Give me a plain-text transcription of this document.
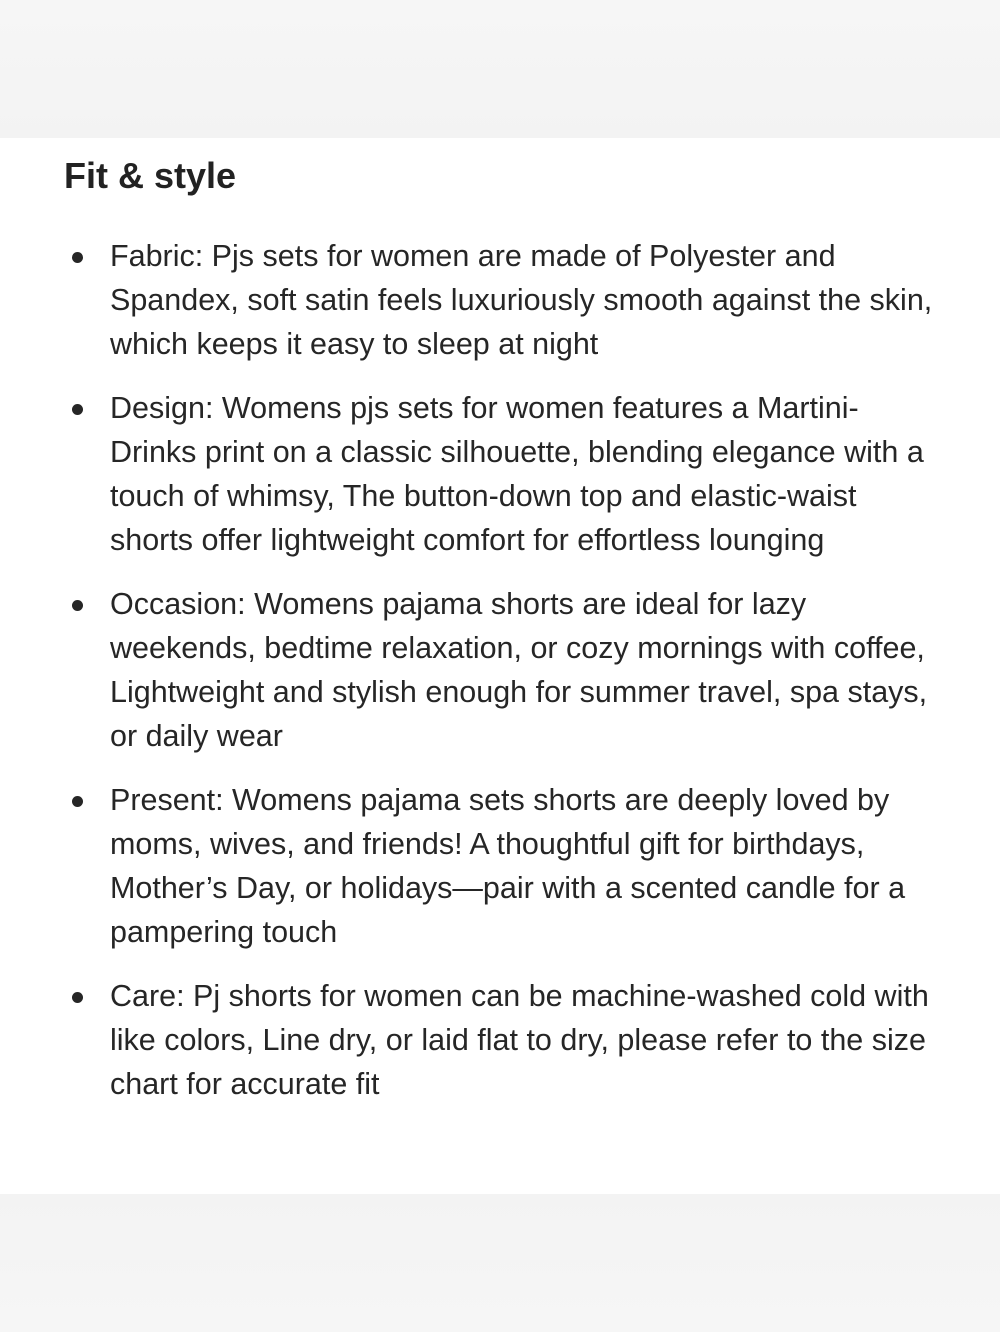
Fit & style
Fabric: Pjs sets for women are made of Polyester and Spandex, soft satin feels luxuriously smooth against the skin, which keeps it easy to sleep at night
Design: Womens pjs sets for women features a Martini-Drinks print on a classic silhouette, blending elegance with a touch of whimsy, The button-down top and elastic-waist shorts offer lightweight comfort for effortless lounging
Occasion: Womens pajama shorts are ideal for lazy weekends, bedtime relaxation, or cozy mornings with coffee, Lightweight and stylish enough for summer travel, spa stays, or daily wear
Present: Womens pajama sets shorts are deeply loved by moms, wives, and friends! A thoughtful gift for birthdays, Mother’s Day, or holidays—pair with a scented candle for a pampering touch
Care: Pj shorts for women can be machine-washed cold with like colors, Line dry, or laid flat to dry, please refer to the size chart for accurate fit
